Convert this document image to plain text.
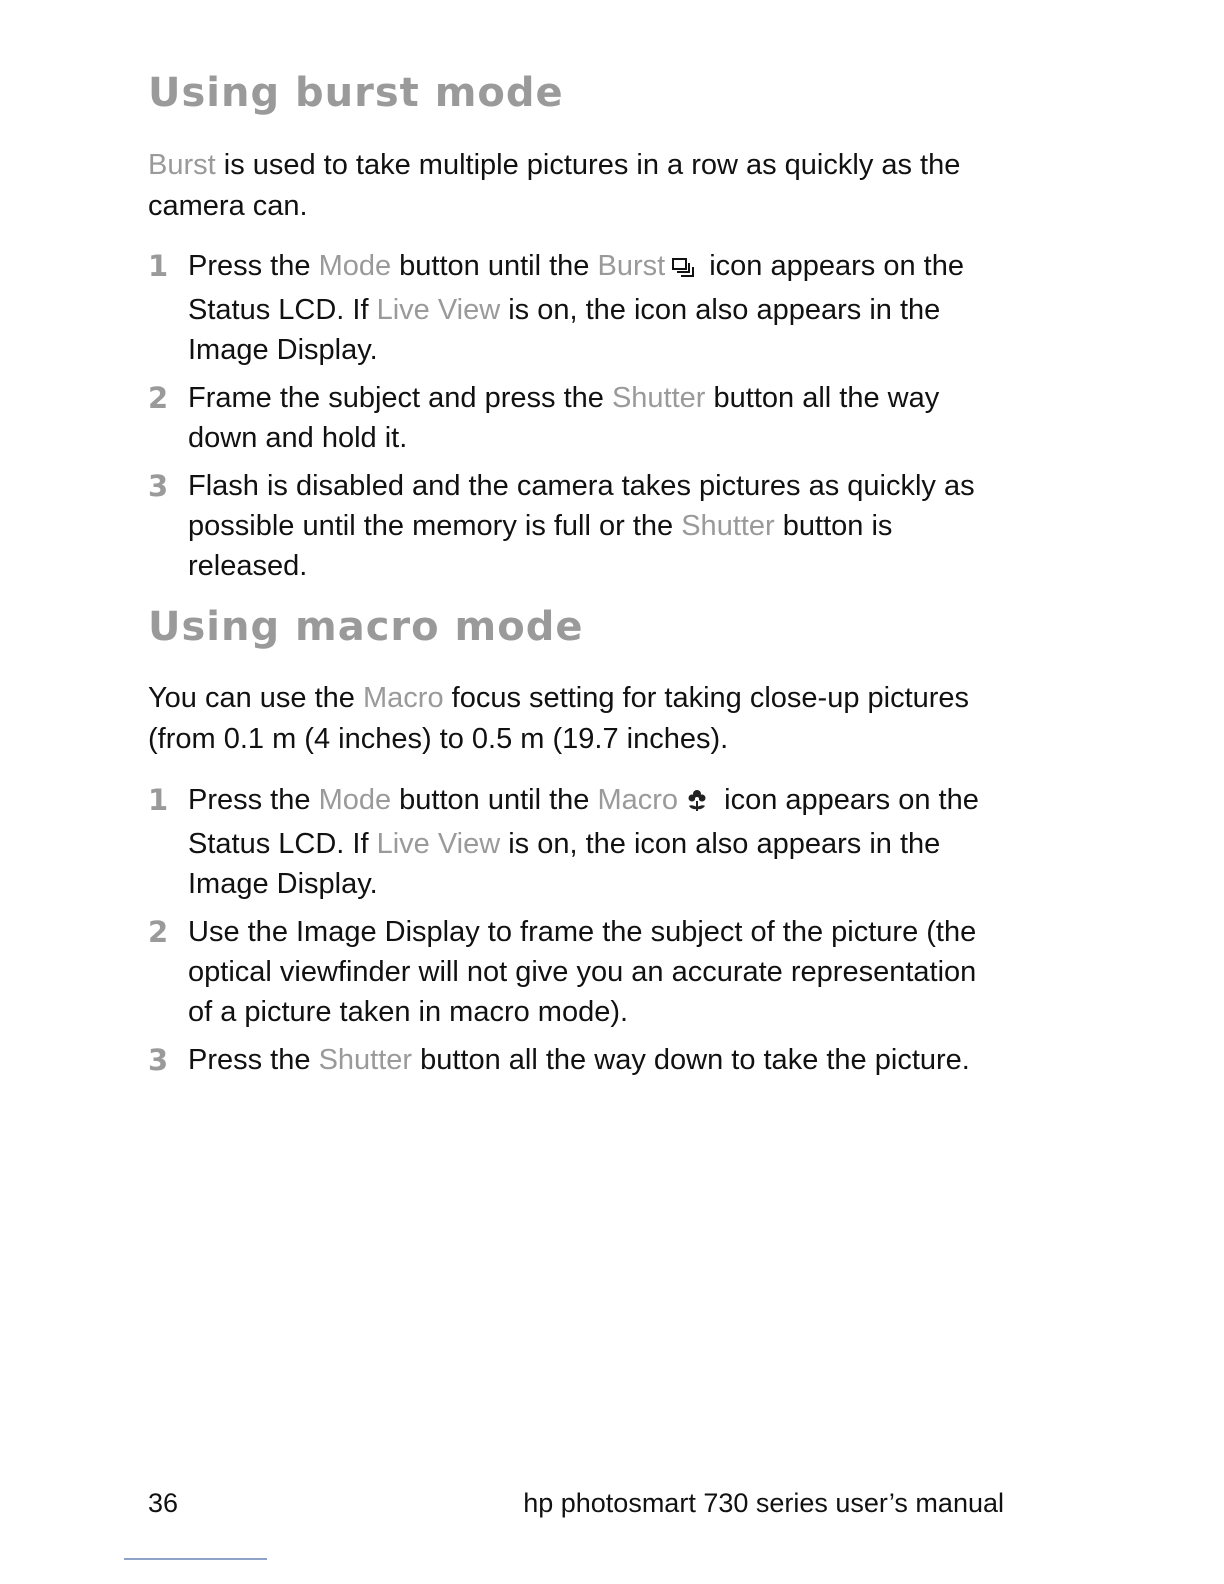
Using burst mode

Burst is used to take multiple pictures in a row as quickly as the camera can.

1 Press the Mode button until the Burst icon appears on the Status LCD. If Live View is on, the icon also appears in the Image Display.
2 Frame the subject and press the Shutter button all the way down and hold it.
3 Flash is disabled and the camera takes pictures as quickly as possible until the memory is full or the Shutter button is released.
Using macro mode

You can use the Macro focus setting for taking close-up pictures (from 0.1 m (4 inches) to 0.5 m (19.7 inches).

1 Press the Mode button until the Macro icon appears on the Status LCD. If Live View is on, the icon also appears in the Image Display.
2 Use the Image Display to frame the subject of the picture (the optical viewfinder will not give you an accurate representation of a picture taken in macro mode).
3 Press the Shutter button all the way down to take the picture.
36	hp photosmart 730 series user’s manual
